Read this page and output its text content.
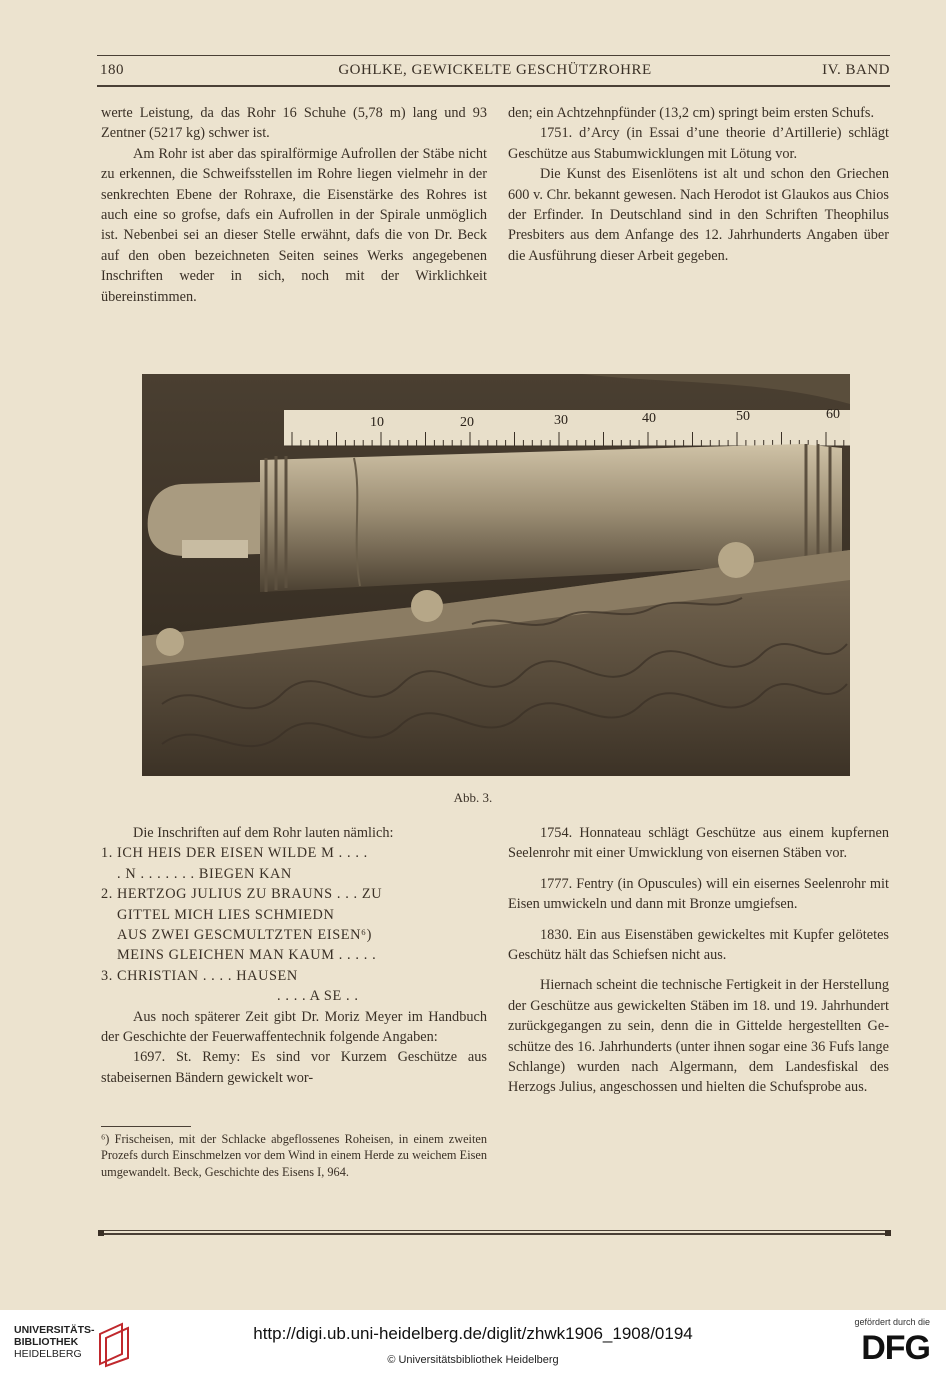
180	GOHLKE, GEWICKELTE GESCHÜTZROHRE	IV. BAND

werte Leistung, da das Rohr 16 Schuhe (5,78 m) lang und 93 Zentner (5217 kg) schwer ist.

Am Rohr ist aber das spiralförmige Aufrollen der Stäbe nicht zu erkennen, die Schweifsstellen im Rohre liegen vielmehr in der senkrechten Ebene der Rohraxe, die Eisenstärke des Rohres ist auch eine so grofse, dafs ein Aufrollen in der Spirale unmöglich ist. Nebenbei sei an dieser Stelle erwähnt, dafs die von Dr. Beck auf den oben bezeichneten Seiten seines Werks angegebenen Inschriften weder in sich, noch mit der Wirklichkeit übereinstimmen.

den; ein Achtzehnpfünder (13,2 cm) springt beim ersten Schufs.

1751. d’Arcy (in Essai d’une theorie d’Artillerie) schlägt Geschütze aus Stabumwicklungen mit Lötung vor.

Die Kunst des Eisenlötens ist alt und schon den Griechen 600 v. Chr. bekannt gewesen. Nach Herodot ist Glaukos aus Chios der Erfinder. In Deutschland sind in den Schriften Theophilus Presbiters aus dem Anfange des 12. Jahrhunderts Angaben über die Ausführung dieser Arbeit gegeben.

10	20	30	40	50	60
Abb. 3.

Die Inschriften auf dem Rohr lauten nämlich:

1. ICH HEIS DER EISEN WILDE M . . . .
. N . . . . . . . BIEGEN KAN
2. HERTZOG JULIUS ZU BRAUNS . . . ZU
GITTEL MICH LIES SCHMIEDN
AUS ZWEI GESCMULTZTEN EISEN⁶)
MEINS GLEICHEN MAN KAUM . . . . .
3. CHRISTIAN . . . . HAUSEN
. . . . A SE . .

Aus noch späterer Zeit gibt Dr. Moriz Meyer im Handbuch der Geschichte der Feuerwaffentechnik folgende Angaben:

1697. St. Remy: Es sind vor Kurzem Geschütze aus stabeisernen Bändern gewickelt wor-

⁶) Frischeisen, mit der Schlacke abgeflossenes Roheisen, in einem zweiten Prozefs durch Einschmelzen vor dem Wind in einem Herde zu weichem Eisen umgewandelt. Beck, Geschichte des Eisens I, 964.

1754. Honnateau schlägt Geschütze aus einem kupfernen Seelenrohr mit einer Umwicklung von eisernen Stäben vor.

1777. Fentry (in Opuscules) will ein eisernes Seelenrohr mit Eisen umwickeln und dann mit Bronze umgiefsen.

1830. Ein aus Eisenstäben gewickeltes mit Kupfer gelötetes Geschütz hält das Schiefsen nicht aus.

Hiernach scheint die technische Fertigkeit in der Herstellung der Geschütze aus gewickelten Stäben im 18. und 19. Jahrhundert zurückgegangen zu sein, denn die in Gittelde hergestellten Geschütze des 16. Jahrhunderts (unter ihnen sogar eine 36 Fufs lange Schlange) wurden nach Algermann, dem Landesfiskal des Herzogs Julius, angeschossen und hielten die Schufsprobe aus.

UNIVERSITÄTS-
BIBLIOTHEK
HEIDELBERG
http://digi.ub.uni-heidelberg.de/diglit/zhwk1906_1908/0194
© Universitätsbibliothek Heidelberg
gefördert durch die
DFG
